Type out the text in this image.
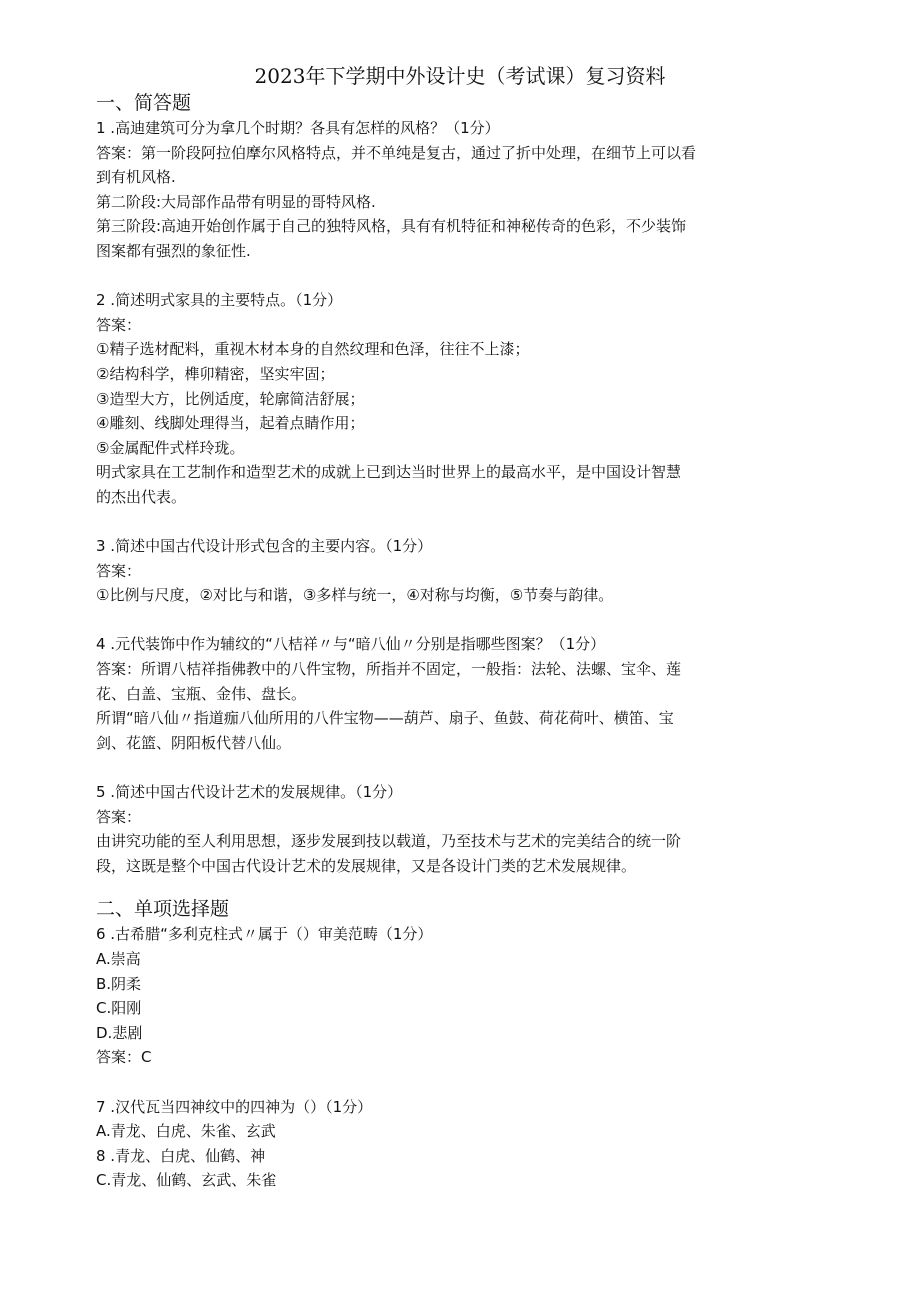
2023年下学期中外设计史（考试课）复习资料
一、简答题

1 .高迪建筑可分为拿几个时期？各具有怎样的风格？（1分）

答案：第一阶段阿拉伯摩尔风格特点，并不单纯是复古，通过了折中处理，在细节上可以看

到有机风格.

第二阶段:大局部作品带有明显的哥特风格.

第三阶段:高迪开始创作属于自己的独特风格，具有有机特征和神秘传奇的色彩，不少装饰

图案都有强烈的象征性.

2 .简述明式家具的主要特点。（1分）

答案：

①精子选材配料，重视木材本身的自然纹理和色泽，往往不上漆；

②结构科学，榫卯精密，坚实牢固；

③造型大方，比例适度，轮廓简洁舒展；

④雕刻、线脚处理得当，起着点睛作用；

⑤金属配件式样玲珑。

明式家具在工艺制作和造型艺术的成就上已到达当时世界上的最高水平，是中国设计智慧

的杰出代表。

3 .简述中国古代设计形式包含的主要内容。（1分）

答案：

①比例与尺度，②对比与和谐，③多样与统一，④对称与均衡，⑤节奏与韵律。

4 .元代装饰中作为辅纹的“八桔祥〃与“暗八仙〃分别是指哪些图案？（1分）

答案：所谓八桔祥指佛教中的八件宝物，所指并不固定，一般指：法轮、法螺、宝伞、莲

花、白盖、宝瓶、金伟、盘长。

所谓“暗八仙〃指道痂八仙所用的八件宝物——葫芦、扇子、鱼鼓、荷花荷叶、横笛、宝

剑、花篮、阴阳板代替八仙。

5 .简述中国古代设计艺术的发展规律。（1分）

答案：

由讲究功能的至人利用思想，逐步发展到技以载道，乃至技术与艺术的完美结合的统一阶

段，这既是整个中国古代设计艺术的发展规律，又是各设计门类的艺术发展规律。

二、单项选择题

6 .古希腊“多利克柱式〃属于（）审美范畴（1分）

A.崇高

B.阴柔

C.阳刚

D.悲剧

答案：C

7 .汉代瓦当四神纹中的四神为（）（1分）

A.青龙、白虎、朱雀、玄武

8 .青龙、白虎、仙鹤、神

C.青龙、仙鹤、玄武、朱雀
